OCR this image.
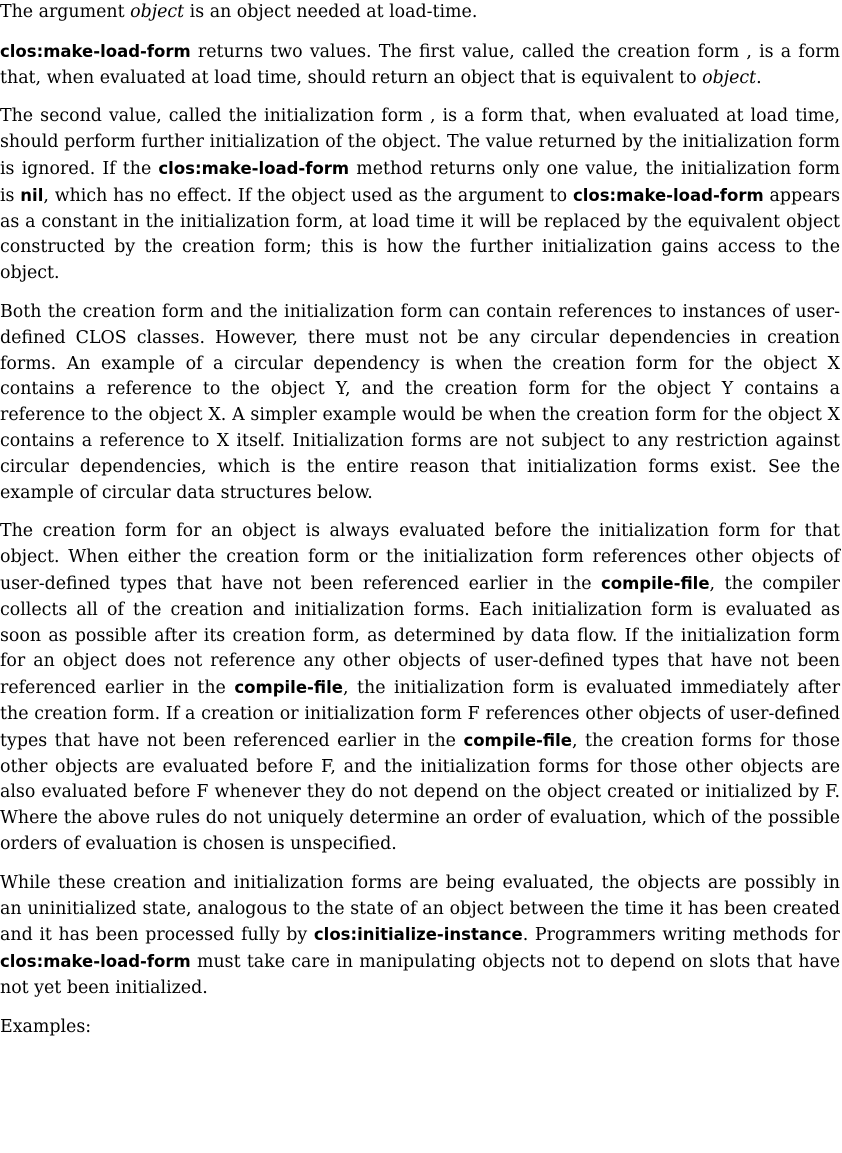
The argument object is an object needed at load-time.

clos:make-load-form returns two values. The first value, called the creation form , is a form that, when evaluated at load time, should return an object that is equivalent to object.

The second value, called the initialization form , is a form that, when evaluated at load time, should perform further initialization of the object. The value returned by the initialization form is ignored. If the clos:make-load-form method returns only one value, the initialization form is nil, which has no effect. If the object used as the argument to clos:make-load-form appears as a constant in the initialization form, at load time it will be replaced by the equivalent object constructed by the creation form; this is how the further initialization gains access to the object.

Both the creation form and the initialization form can contain references to instances of user-defined CLOS classes. However, there must not be any circular dependencies in creation forms. An example of a circular dependency is when the creation form for the object X contains a reference to the object Y, and the creation form for the object Y contains a reference to the object X. A simpler example would be when the creation form for the object X contains a reference to X itself. Initialization forms are not subject to any restriction against circular dependencies, which is the entire reason that initialization forms exist. See the example of circular data structures below.

The creation form for an object is always evaluated before the initialization form for that object. When either the creation form or the initialization form references other objects of user-defined types that have not been referenced earlier in the compile-file, the compiler collects all of the creation and initialization forms. Each initialization form is evaluated as soon as possible after its creation form, as determined by data flow. If the initialization form for an object does not reference any other objects of user-defined types that have not been referenced earlier in the compile-file, the initialization form is evaluated immediately after the creation form. If a creation or initialization form F references other objects of user-defined types that have not been referenced earlier in the compile-file, the creation forms for those other objects are evaluated before F, and the initialization forms for those other objects are also evaluated before F whenever they do not depend on the object created or initialized by F. Where the above rules do not uniquely determine an order of evaluation, which of the possible orders of evaluation is chosen is unspecified.

While these creation and initialization forms are being evaluated, the objects are possibly in an uninitialized state, analogous to the state of an object between the time it has been created and it has been processed fully by clos:initialize-instance. Programmers writing methods for clos:make-load-form must take care in manipulating objects not to depend on slots that have not yet been initialized.

Examples:
